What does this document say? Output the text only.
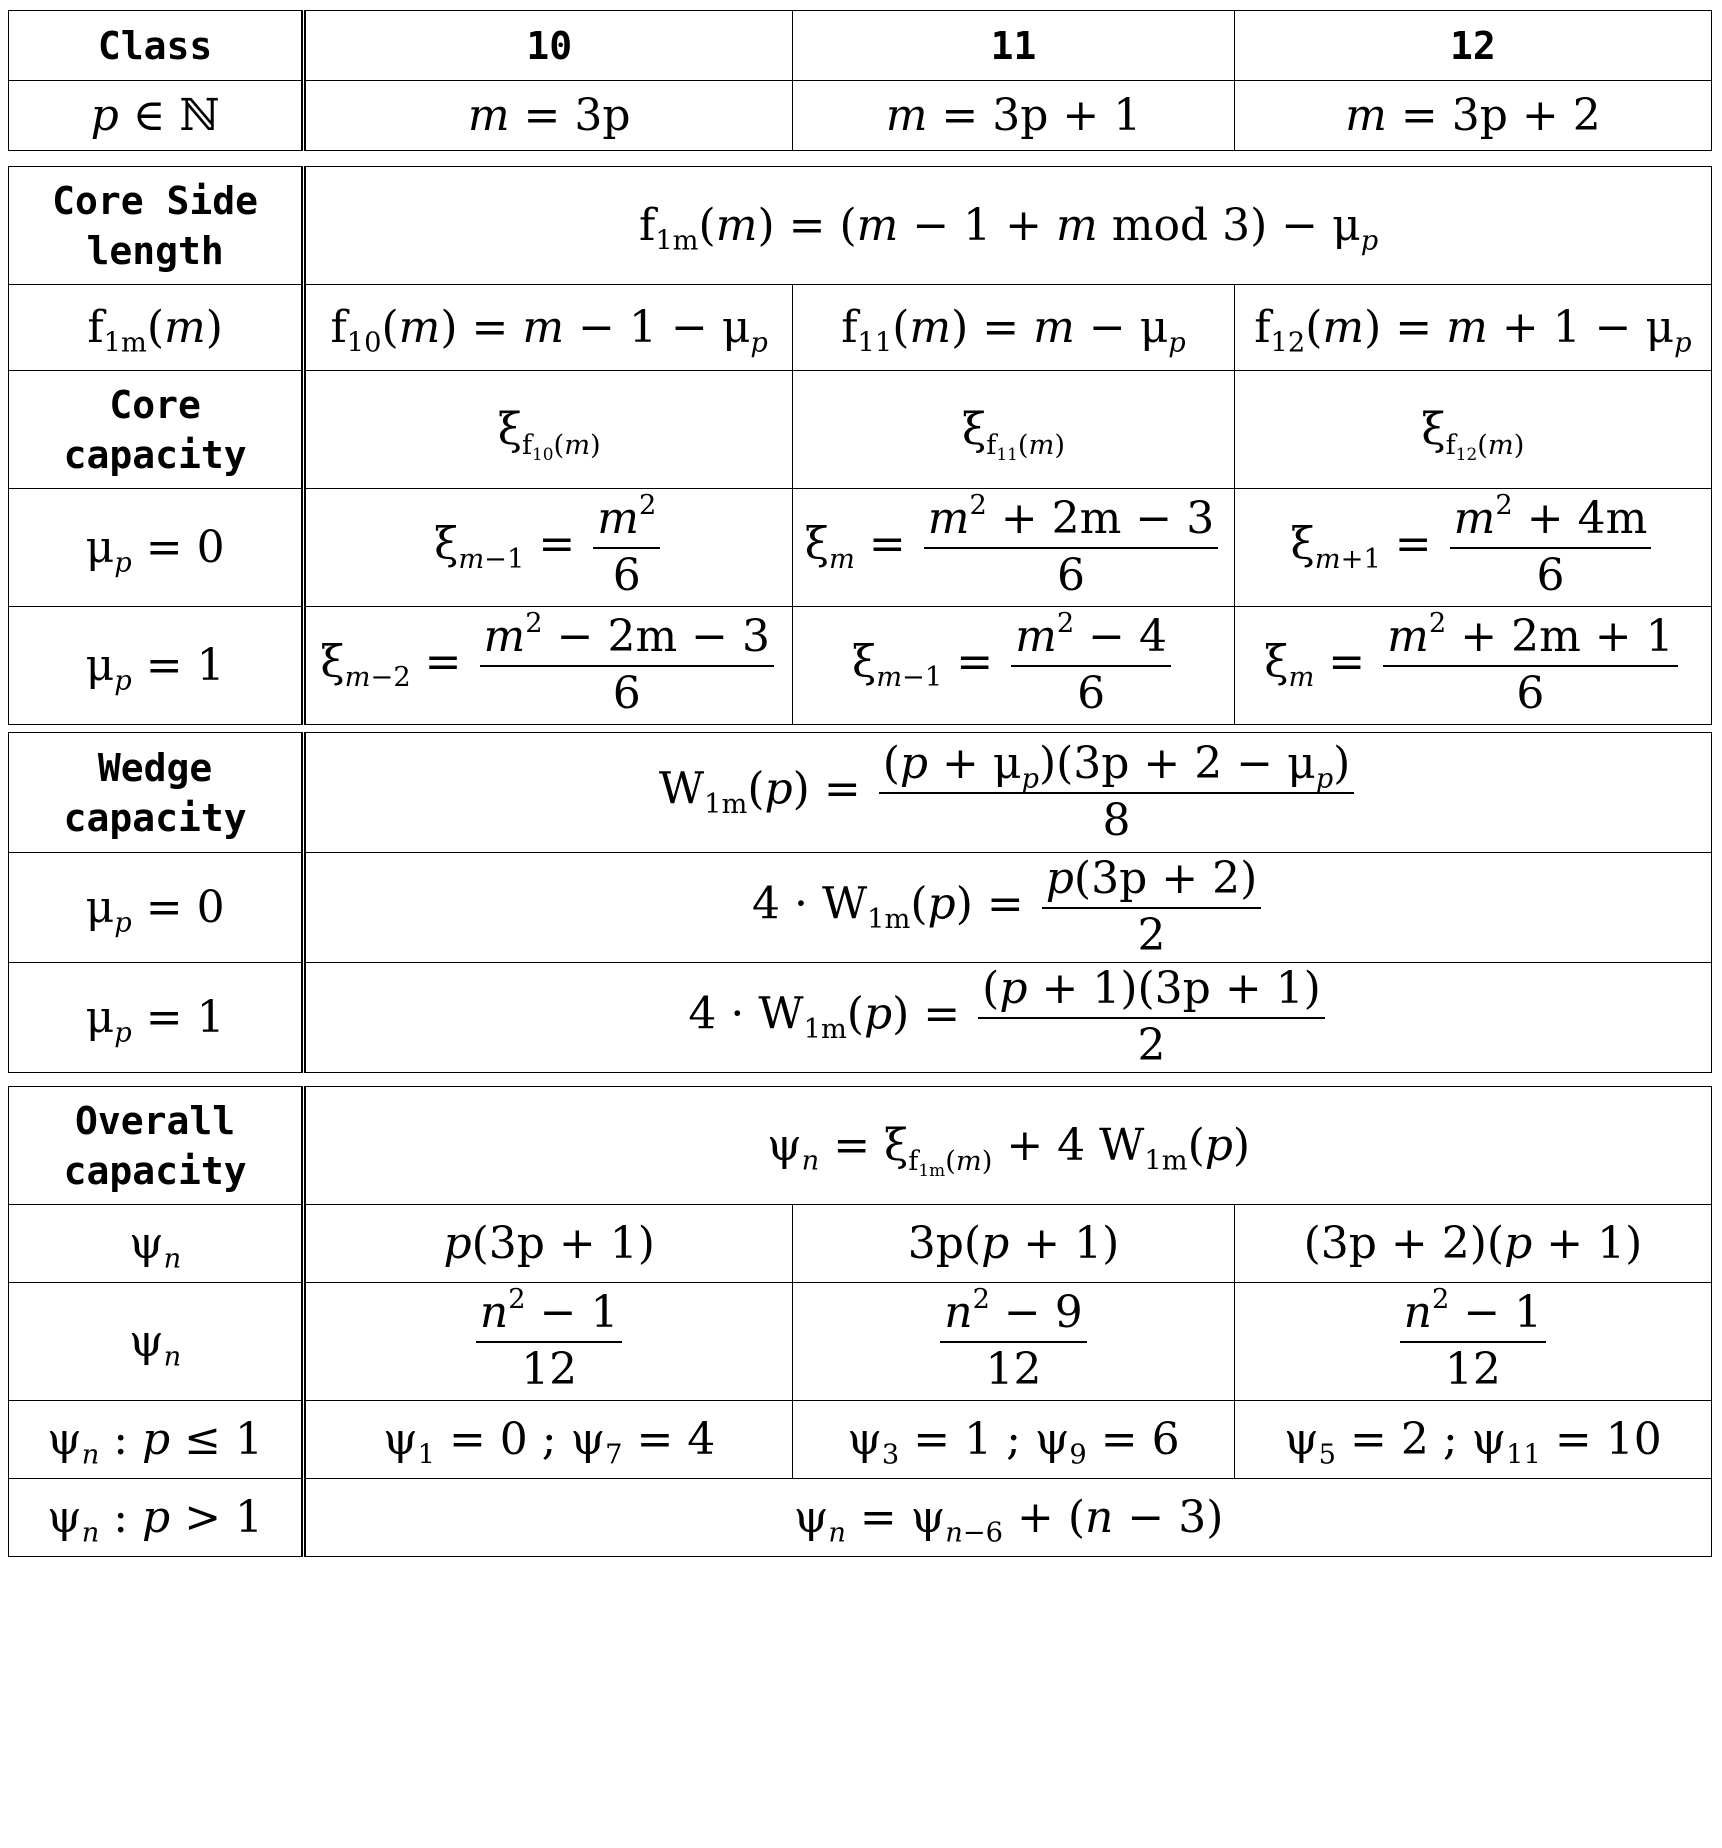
Class	10	11	12
p ∈ ℕ	m = 3p	m = 3p + 1	m = 3p + 2
Core Side length	$f_{1m}(m) = (m - 1 + m$ mod $3) - \mu_p$
$f_{1m}(m)$	$f_{10}(m) = m - 1 - \mu_p$	$f_{11}(m) = m - \mu_p$	$f_{12}(m) = m + 1 - \mu_p$
Core capacity	$\xi_{f_{10}(m)}$	$\xi_{f_{11}(m)}$	$\xi_{f_{12}(m)}$
$\mu_p = 0$	$\xi_{m-1} = \frac{m^2}{6}$	$\xi_m = \frac{m^2 + 2m - 3}{6}$	$\xi_{m+1} = \frac{m^2 + 4m}{6}$

$\mu_p = 1$	$\xi_{m-2} = \frac{m^2 - 2m - 3}{6}$	$\xi_{m-1} = \frac{m^2 - 4}{6}$	$\xi_m = \frac{m^2 + 2m + 1}{6}$
Wedge capacity	$W_{1m}(p) = \frac{(p + \mu_p)(3p + 2 - \mu_p)}{8}$

$\mu_p = 0$	$4 \cdot W_{1m}(p) = \frac{p(3p + 2)}{2}$

$\mu_p = 1$	$4 \cdot W_{1m}(p) = \frac{(p + 1)(3p + 1)}{2}$
Overall capacity	$\psi_n = \xi_{f_{1m}(m)} + 4$ $W_{1m}(p)$		
$\psi_n$	p(3p + 1)	3p(p + 1)	(3p + 2)(p + 1)
$\psi_n$	$\frac{n^2 - 1}{12}$	$\frac{n^2 - 9}{12}$	$\frac{n^2 - 1}{12}$

$\psi_n$ : p ≤ 1	$\psi_1 = 0$ ; $\psi_7 = 4$	$\psi_3 = 1$ ; $\psi_9 = 6$	$\psi_5 = 2$ ; $\psi_{11} = 10$
$\psi_n$ : p > 1	$\psi_n = \psi_{n-6} + (n - 3)$		
